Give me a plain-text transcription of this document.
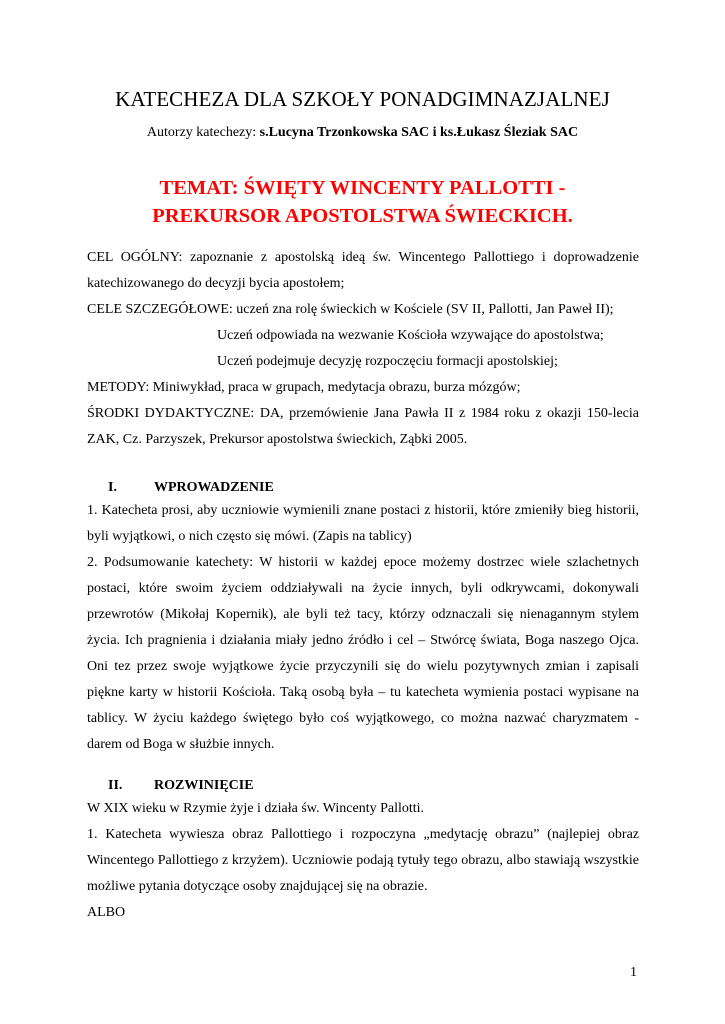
KATECHEZA DLA SZKOŁY PONADGIMNAZJALNEJ
Autorzy katechezy: s.Lucyna Trzonkowska SAC i ks.Łukasz Śleziak SAC
TEMAT: ŚWIĘTY WINCENTY PALLOTTI -
PREKURSOR APOSTOLSTWA ŚWIECKICH.

CEL OGÓLNY: zapoznanie z apostolską ideą św. Wincentego Pallottiego i doprowadzenie katechizowanego do decyzji bycia apostołem;

CELE SZCZEGÓŁOWE: uczeń zna rolę świeckich w Kościele (SV II, Pallotti, Jan Paweł II);

Uczeń odpowiada na wezwanie Kościoła wzywające do apostolstwa;

Uczeń podejmuje decyzję rozpoczęciu formacji apostolskiej;

METODY: Miniwykład, praca w grupach, medytacja obrazu, burza mózgów;

ŚRODKI DYDAKTYCZNE: DA, przemówienie Jana Pawła II z 1984 roku z okazji 150-lecia ZAK, Cz. Parzyszek, Prekursor apostolstwa świeckich, Ząbki 2005.

I.	WPROWADZENIE

1. Katecheta prosi, aby uczniowie wymienili znane postaci z historii, które zmieniły bieg historii, byli wyjątkowi, o nich często się mówi. (Zapis na tablicy)

2. Podsumowanie katechety: W historii w każdej epoce możemy dostrzec wiele szlachetnych postaci, które swoim życiem oddziaływali na życie innych, byli odkrywcami, dokonywali przewrotów (Mikołaj Kopernik), ale byli też tacy, którzy odznaczali się nienagannym stylem życia. Ich pragnienia i działania miały jedno źródło i cel – Stwórcę świata, Boga naszego Ojca. Oni tez przez swoje wyjątkowe życie przyczynili się do wielu pozytywnych zmian i zapisali piękne karty w historii Kościoła. Taką osobą była – tu katecheta wymienia postaci wypisane na tablicy. W życiu każdego świętego było coś wyjątkowego, co można nazwać charyzmatem - darem od Boga w służbie innych.

II. ROZWINIĘCIE

W XIX wieku w Rzymie żyje i działa św. Wincenty Pallotti.

1. Katecheta wywiesza obraz Pallottiego i rozpoczyna „medytację obrazu” (najlepiej obraz Wincentego Pallottiego z krzyżem). Uczniowie podają tytuły tego obrazu, albo stawiają wszystkie możliwe pytania dotyczące osoby znajdującej się na obrazie.

ALBO

1
